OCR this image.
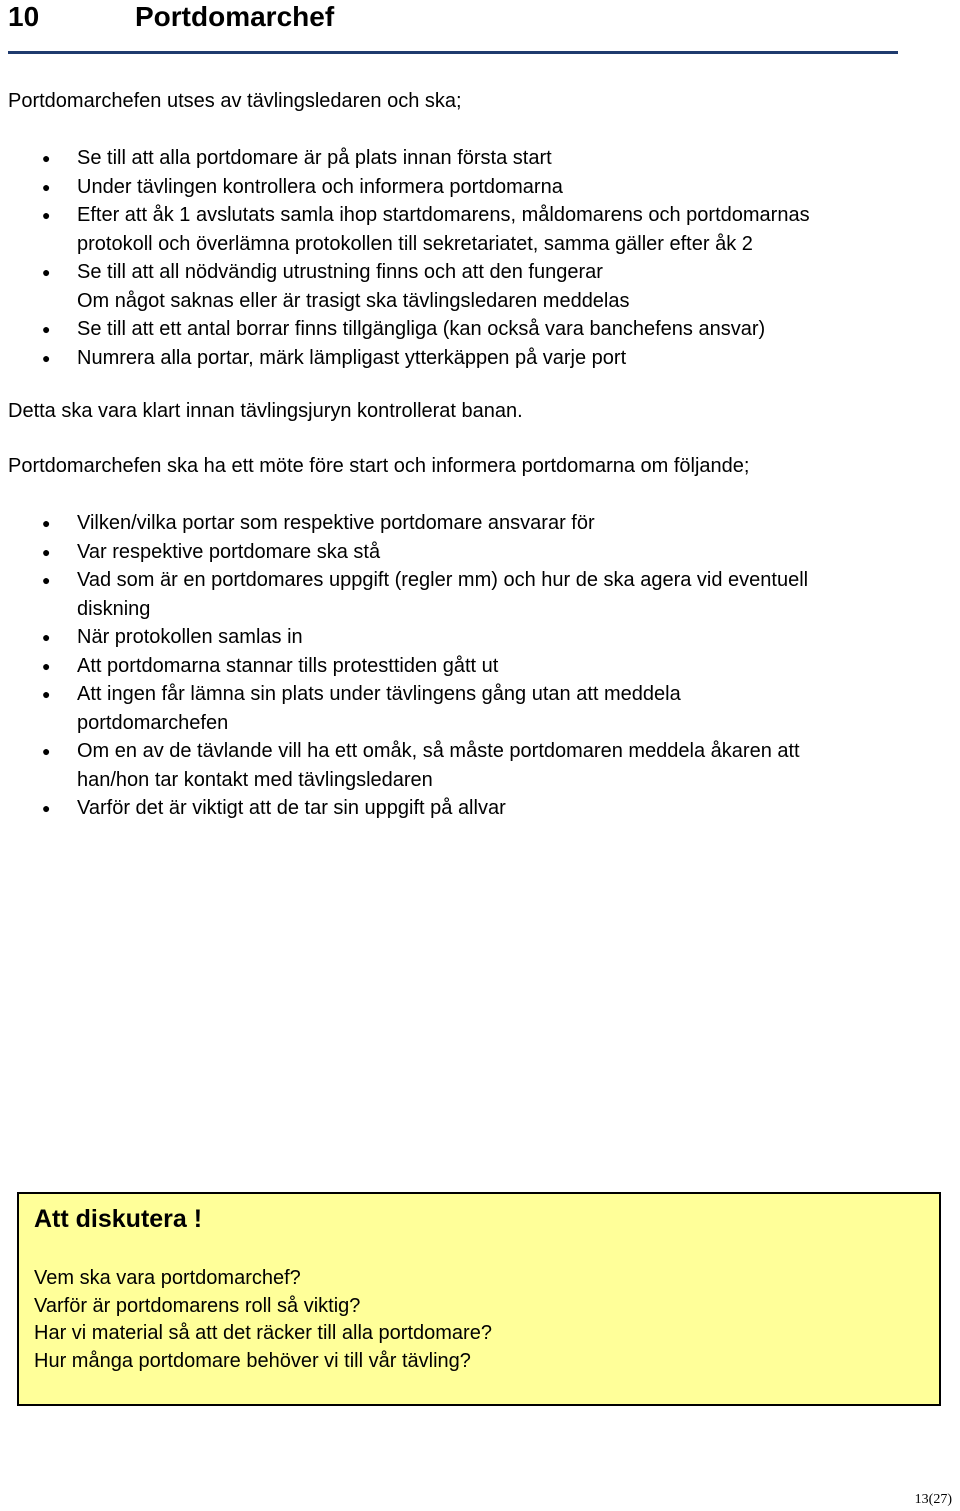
10	Portdomarchef
Portdomarchefen utses av tävlingsledaren och ska;
● Se till att alla portdomare är på plats innan första start
● Under tävlingen kontrollera och informera portdomarna
● Efter att åk 1 avslutats samla ihop startdomarens, måldomarens och portdomarnas
protokoll och överlämna protokollen till sekretariatet, samma gäller efter åk 2
● Se till att all nödvändig utrustning finns och att den fungerar
Om något saknas eller är trasigt ska tävlingsledaren meddelas
● Se till att ett antal borrar finns tillgängliga (kan också vara banchefens ansvar)
● Numrera alla portar, märk lämpligast ytterkäppen på varje port
Detta ska vara klart innan tävlingsjuryn kontrollerat banan.
Portdomarchefen ska ha ett möte före start och informera portdomarna om följande;
● Vilken/vilka portar som respektive portdomare ansvarar för
● Var respektive portdomare ska stå
● Vad som är en portdomares uppgift (regler mm) och hur de ska agera vid eventuell
diskning
● När protokollen samlas in
● Att portdomarna stannar tills protesttiden gått ut
● Att ingen får lämna sin plats under tävlingens gång utan att meddela
portdomarchefen
● Om en av de tävlande vill ha ett omåk, så måste portdomaren meddela åkaren att
han/hon tar kontakt med tävlingsledaren
● Varför det är viktigt att de tar sin uppgift på allvar
Att diskutera !
Vem ska vara portdomarchef?
Varför är portdomarens roll så viktig?
Har vi material så att det räcker till alla portdomare?
Hur många portdomare behöver vi till vår tävling?
13(27)
